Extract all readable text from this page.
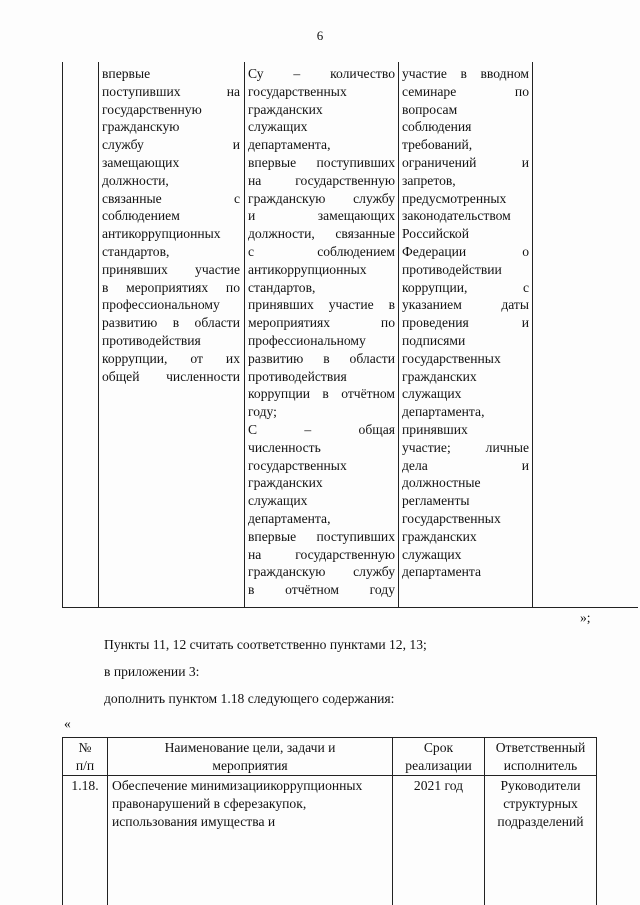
6
впервые
поступивших на
государственную
гражданскую
службу и
замещающих
должности,
связанные с
соблюдением
антикоррупционных
стандартов,
принявших участие
в мероприятиях по
профессиональному
развитию в области
противодействия
коррупции, от их
общей численности
Су – количество
государственных
гражданских
служащих
департамента,
впервые поступивших
на государственную
гражданскую службу
и замещающих
должности, связанные
с соблюдением
антикоррупционных
стандартов,
принявших участие в
мероприятиях по
профессиональному
развитию в области
противодействия
коррупции в отчётном
году;
С – общая
численность
государственных
гражданских
служащих
департамента,
впервые поступивших
на государственную
гражданскую службу
в отчётном году
участие в вводном
семинаре по
вопросам
соблюдения
требований,
ограничений и
запретов,
предусмотренных
законодательством
Российской
Федерации о
противодействии
коррупции, с
указанием даты
проведения и
подписями
государственных
гражданских
служащих
департамента,
принявших
участие; личные
дела и
должностные
регламенты
государственных
гражданских
служащих
департамента
»;
Пункты 11, 12 считать соответственно пунктами 12, 13;
в приложении 3:
дополнить пунктом 1.18 следующего содержания:
«
№
п/п
Наименование цели, задачи и
мероприятия
Срок
реализации
Ответственный
исполнитель
1.18. Обеспечение минимизациикоррупционных правонарушений в сферезакупок, использования имущества и
2021 год	Руководители
структурных
подразделений
